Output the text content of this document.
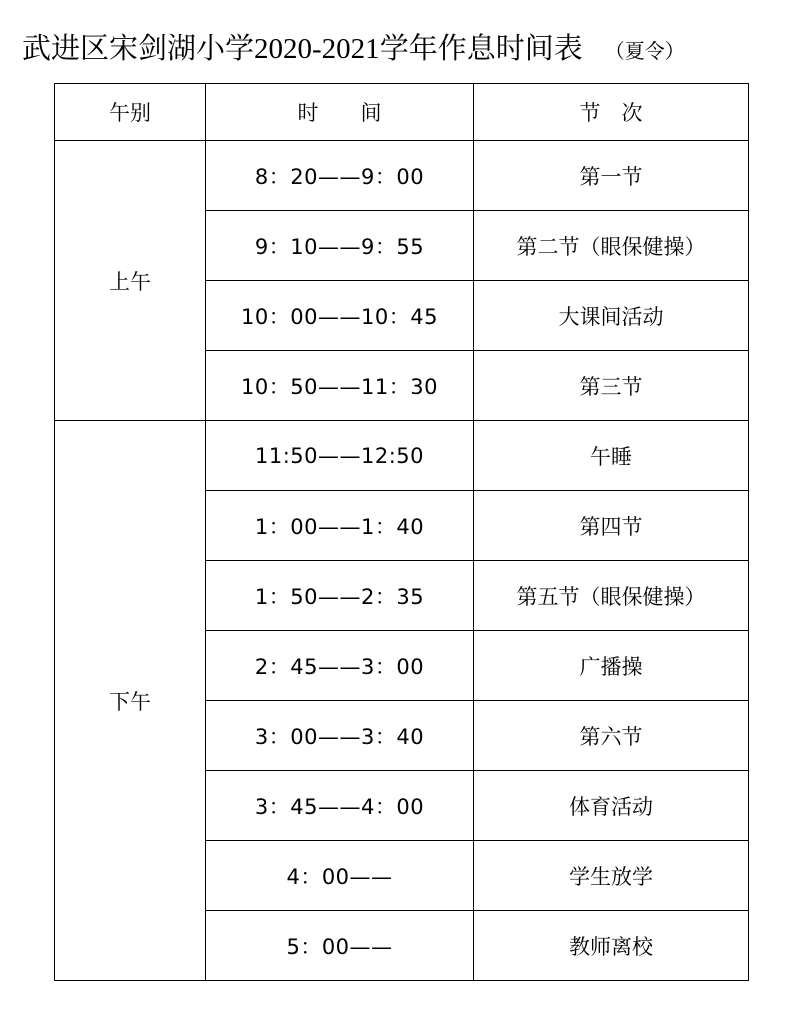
武进区宋剑湖小学2020-2021学年作息时间表 （夏令）
午别	时　　间	节　次
上午	8：20——9：00	第一节
	9：10——9：55	第二节（眼保健操）
	10：00——10：45	大课间活动
	10：50——11：30	第三节
下午	11:50——12:50	午睡
	1：00——1：40	第四节
	1：50——2：35	第五节（眼保健操）
	2：45——3：00	广播操
	3：00——3：40	第六节
	3：45——4：00	体育活动
	4：00——	学生放学
	5：00——	教师离校
